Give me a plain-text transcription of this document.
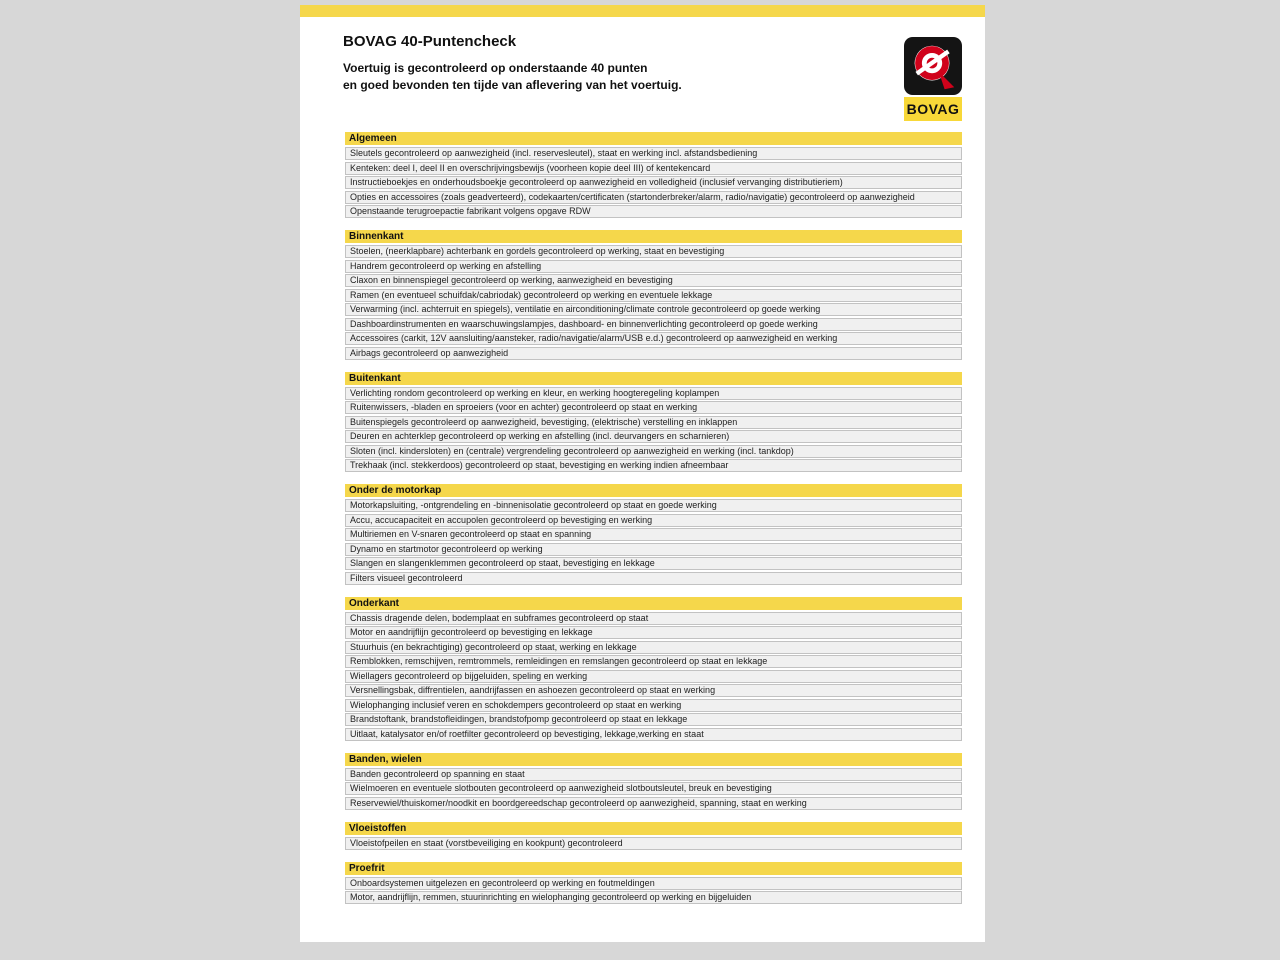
BOVAG 40-Puntencheck
Voertuig is gecontroleerd op onderstaande 40 punten
en goed bevonden ten tijde van aflevering van het voertuig.
BOVAG
Algemeen
Sleutels gecontroleerd op aanwezigheid (incl. reservesleutel), staat en werking incl. afstandsbediening
Kenteken: deel I, deel II en overschrijvingsbewijs (voorheen kopie deel III) of kentekencard
Instructieboekjes en onderhoudsboekje gecontroleerd op aanwezigheid en volledigheid (inclusief vervanging distributieriem)
Opties en accessoires (zoals geadverteerd), codekaarten/certificaten (startonderbreker/alarm, radio/navigatie) gecontroleerd op aanwezigheid
Openstaande terugroepactie fabrikant volgens opgave RDW
Binnenkant
Stoelen, (neerklapbare) achterbank en gordels gecontroleerd op werking, staat en bevestiging
Handrem gecontroleerd op werking en afstelling
Claxon en binnenspiegel gecontroleerd op werking, aanwezigheid en bevestiging
Ramen (en eventueel schuifdak/cabriodak) gecontroleerd op werking en eventuele lekkage
Verwarming (incl. achterruit en spiegels), ventilatie en airconditioning/climate controle gecontroleerd op goede werking
Dashboardinstrumenten en waarschuwingslampjes, dashboard- en binnenverlichting gecontroleerd op goede werking
Accessoires (carkit, 12V aansluiting/aansteker, radio/navigatie/alarm/USB e.d.) gecontroleerd op aanwezigheid en werking
Airbags gecontroleerd op aanwezigheid
Buitenkant
Verlichting rondom gecontroleerd op werking en kleur, en werking hoogteregeling koplampen
Ruitenwissers, -bladen en sproeiers (voor en achter) gecontroleerd op staat en werking
Buitenspiegels gecontroleerd op aanwezigheid, bevestiging, (elektrische) verstelling en inklappen
Deuren en achterklep gecontroleerd op werking en afstelling (incl. deurvangers en scharnieren)
Sloten (incl. kindersloten) en (centrale) vergrendeling gecontroleerd op aanwezigheid en werking (incl. tankdop)
Trekhaak (incl. stekkerdoos) gecontroleerd op staat, bevestiging en werking indien afneembaar
Onder de motorkap
Motorkapsluiting, -ontgrendeling en -binnenisolatie gecontroleerd op staat en goede werking
Accu, accucapaciteit en accupolen gecontroleerd op bevestiging en werking
Multiriemen en V-snaren gecontroleerd op staat en spanning
Dynamo en startmotor gecontroleerd op werking
Slangen en slangenklemmen gecontroleerd op staat, bevestiging en lekkage
Filters visueel gecontroleerd
Onderkant
Chassis dragende delen, bodemplaat en subframes gecontroleerd op staat
Motor en aandrijflijn gecontroleerd op bevestiging en lekkage
Stuurhuis (en bekrachtiging) gecontroleerd op staat, werking en lekkage
Remblokken, remschijven, remtrommels, remleidingen en remslangen gecontroleerd op staat en lekkage
Wiellagers gecontroleerd op bijgeluiden, speling en werking
Versnellingsbak, diffrentielen, aandrijfassen en ashoezen gecontroleerd op staat en werking
Wielophanging inclusief veren en schokdempers gecontroleerd op staat en werking
Brandstoftank, brandstofleidingen, brandstofpomp gecontroleerd op staat en lekkage
Uitlaat, katalysator en/of roetfilter gecontroleerd op bevestiging, lekkage,werking en staat
Banden, wielen
Banden gecontroleerd op spanning en staat
Wielmoeren en eventuele slotbouten gecontroleerd op aanwezigheid slotboutsleutel, breuk en bevestiging
Reservewiel/thuiskomer/noodkit en boordgereedschap gecontroleerd op aanwezigheid, spanning, staat en werking
Vloeistoffen
Vloeistofpeilen en staat (vorstbeveiliging en kookpunt) gecontroleerd
Proefrit
Onboardsystemen uitgelezen en gecontroleerd op werking en foutmeldingen
Motor, aandrijflijn, remmen, stuurinrichting en wielophanging gecontroleerd op werking en bijgeluiden
